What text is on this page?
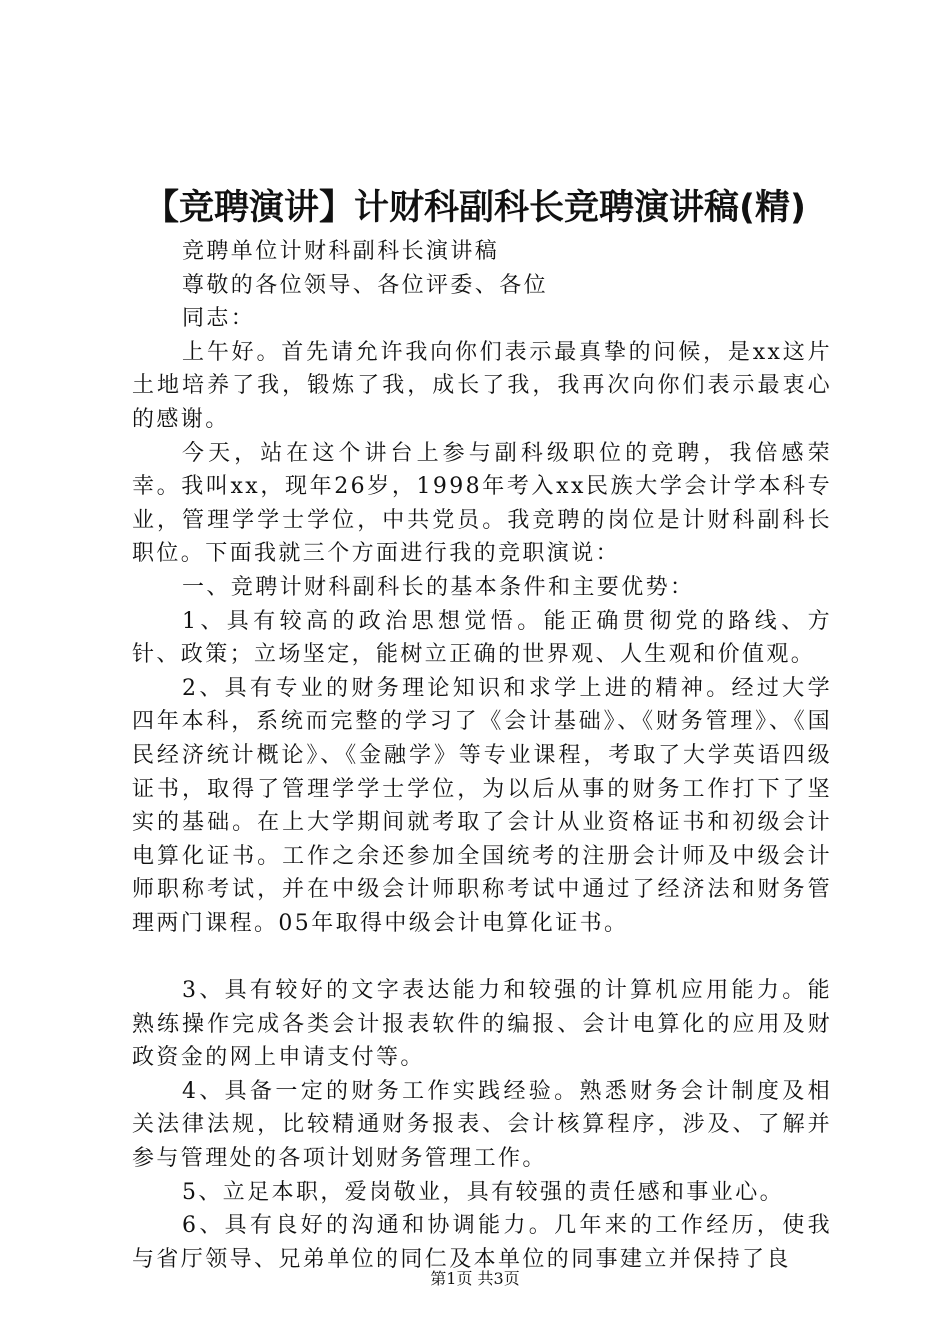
【竞聘演讲】计财科副科长竞聘演讲稿(精)

竞聘单位计财科副科长演讲稿

尊敬的各位领导、各位评委、各位

同志：

上午好。首先请允许我向你们表示最真挚的问候，是xx这片土地培养了我，锻炼了我，成长了我，我再次向你们表示最衷心的感谢。

今天，站在这个讲台上参与副科级职位的竞聘，我倍感荣幸。我叫xx，现年26岁，1998年考入xx民族大学会计学本科专业，管理学学士学位，中共党员。我竞聘的岗位是计财科副科长职位。下面我就三个方面进行我的竞职演说：

一、竞聘计财科副科长的基本条件和主要优势：

1、具有较高的政治思想觉悟。能正确贯彻党的路线、方针、政策；立场坚定，能树立正确的世界观、人生观和价值观。

2、具有专业的财务理论知识和求学上进的精神。经过大学四年本科，系统而完整的学习了《会计基础》、《财务管理》、《国民经济统计概论》、《金融学》等专业课程，考取了大学英语四级证书，取得了管理学学士学位，为以后从事的财务工作打下了坚实的基础。在上大学期间就考取了会计从业资格证书和初级会计电算化证书。工作之余还参加全国统考的注册会计师及中级会计师职称考试，并在中级会计师职称考试中通过了经济法和财务管理两门课程。05年取得中级会计电算化证书。

3、具有较好的文字表达能力和较强的计算机应用能力。能熟练操作完成各类会计报表软件的编报、会计电算化的应用及财政资金的网上申请支付等。

4、具备一定的财务工作实践经验。熟悉财务会计制度及相关法律法规，比较精通财务报表、会计核算程序，涉及、了解并参与管理处的各项计划财务管理工作。

5、立足本职，爱岗敬业，具有较强的责任感和事业心。

6、具有良好的沟通和协调能力。几年来的工作经历，使我与省厅领导、兄弟单位的同仁及本单位的同事建立并保持了良

第1页 共3页
